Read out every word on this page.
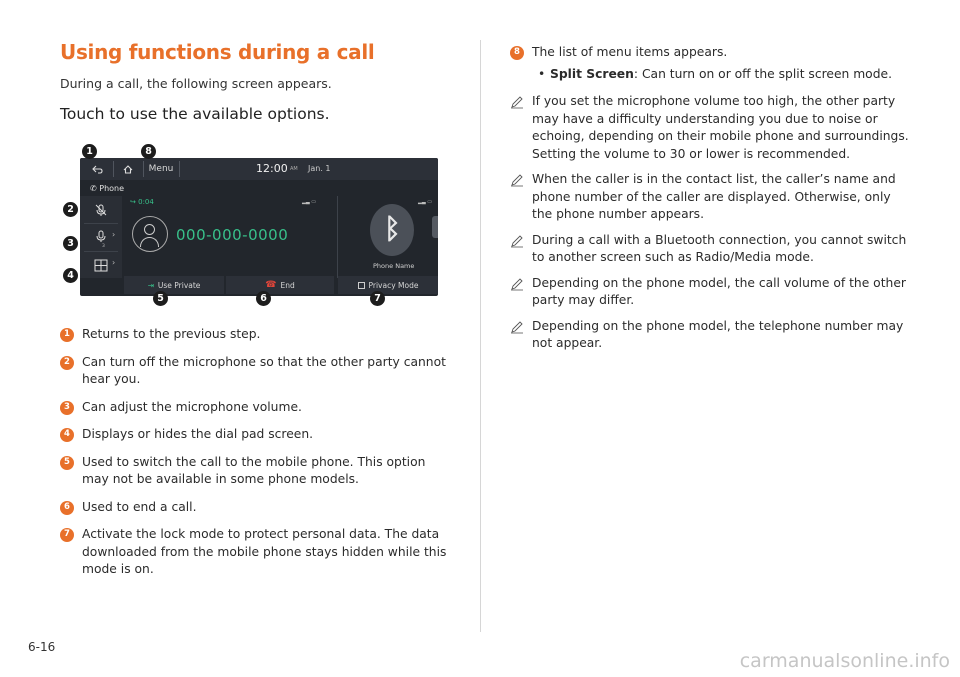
Using functions during a call
During a call, the following screen appears.
Touch to use the available options.
Menu	12:00 AM Jan. 1
✆ Phone
3
›
›
↪ 0:04
000-000-0000
▂▃ ▭	▂▃ ▭
ᛒ
Phone Name
⇥ Use Private	☎ End	Privacy Mode
1	8
2
3
4
5	6	7
1 Returns to the previous step.
2 Can turn off the microphone so that the other party cannot hear you.
3 Can adjust the microphone volume.
4 Displays or hides the dial pad screen.
5 Used to switch the call to the mobile phone. This option may not be available in some phone models.
6 Used to end a call.
7 Activate the lock mode to protect personal data. The data downloaded from the mobile phone stays hidden while this mode is on.
8 The list of menu items appears.
• Split Screen: Can turn on or off the split screen mode.
If you set the microphone volume too high, the other party may have a difficulty understanding you due to noise or echoing, depending on their mobile phone and surroundings. Setting the volume to 30 or lower is recommended.
When the caller is in the contact list, the caller’s name and phone number of the caller are displayed. Otherwise, only the phone number appears.
During a call with a Bluetooth connection, you cannot switch to another screen such as Radio/Media mode.
Depending on the phone model, the call volume of the other party may differ.
Depending on the phone model, the telephone number may not appear.
6-16
carmanualsonline.info
